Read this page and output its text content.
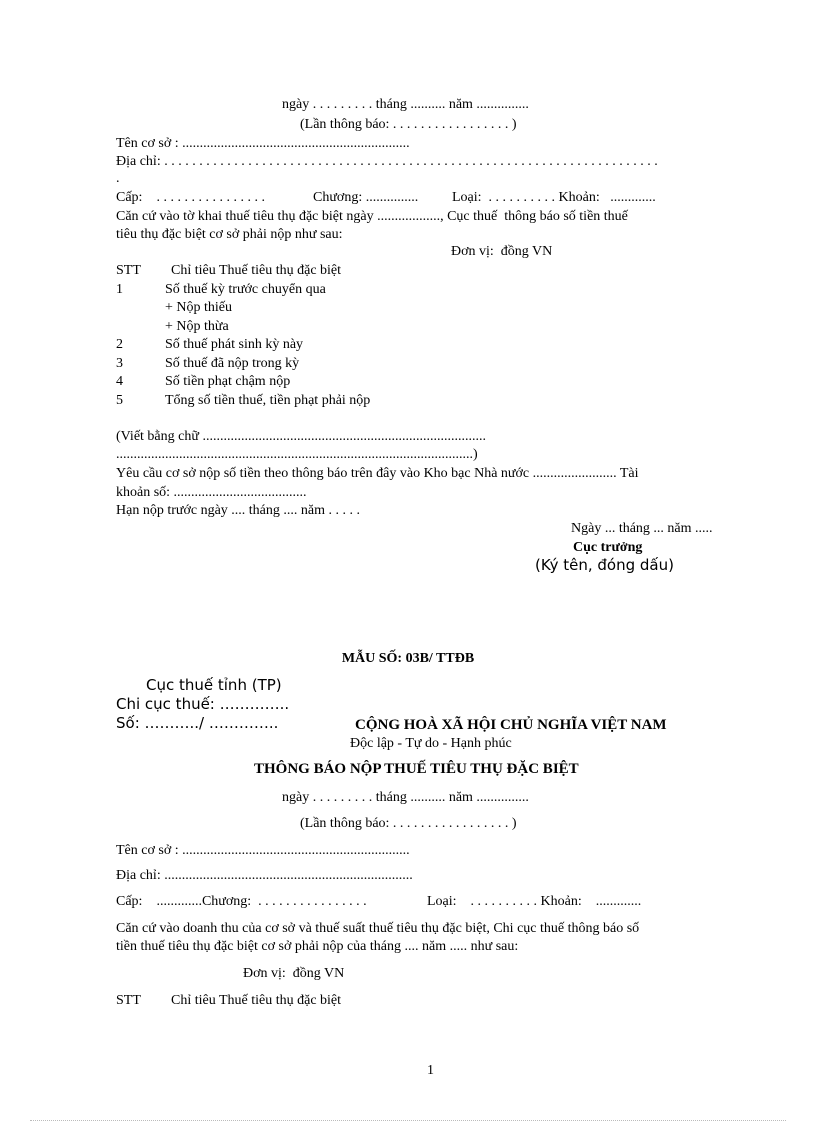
ngày . . . . . . . . . tháng .......... năm ...............
(Lần thông báo: . . . . . . . . . . . . . . . . . )
Tên cơ sở : .................................................................
Địa chỉ: . . . . . . . . . . . . . . . . . . . . . . . . . . . . . . . . . . . . . . . . . . . . . . . . . . . . . . . . . . . . . . . . . . . . . . .
.
Cấp:    . . . . . . . . . . . . . . . .	Chương: ............... Loại:  . . . . . . . . . . Khoản:   .............
Căn cứ vào tờ khai thuế tiêu thụ đặc biệt ngày .................., Cục thuế  thông báo số tiền thuế
tiêu thụ đặc biệt cơ sở phải nộp như sau:
Đơn vị:  đồng VN
STT Chỉ tiêu Thuế tiêu thụ đặc biệt
1	Số thuế kỳ trước chuyển qua
+ Nộp thiếu
+ Nộp thừa
2	Số thuế phát sinh kỳ này
3	Số thuế đã nộp trong kỳ
4	Số tiền phạt chậm nộp
5	Tổng số tiền thuế, tiền phạt phải nộp
(Viết bằng chữ .................................................................................
......................................................................................................)
Yêu cầu cơ sở nộp số tiền theo thông báo trên đây vào Kho bạc Nhà nước ........................ Tài
khoản số: ......................................
Hạn nộp trước ngày .... tháng .... năm . . . . .
Ngày ... tháng ... năm .....
Cục trưởng
(Ký tên, đóng dấu)
MẪU SỐ: 03B/ TTĐB
Cục thuế tỉnh (TP)
Chi cục thuế: …………..
Số: ………../ …………..	CỘNG HOÀ XÃ HỘI CHỦ NGHĨA VIỆT NAM
Độc lập - Tự do - Hạnh phúc
THÔNG BÁO NỘP THUẾ TIÊU THỤ ĐẶC BIỆT
ngày . . . . . . . . . tháng .......... năm ...............
(Lần thông báo: . . . . . . . . . . . . . . . . . )
Tên cơ sở : .................................................................
Địa chỉ: .......................................................................
Cấp:    .............Chương:  . . . . . . . . . . . . . . . .	Loại:    . . . . . . . . . . Khoản:    .............
Căn cứ vào doanh thu của cơ sở và thuế suất thuế tiêu thụ đặc biệt, Chi cục thuế thông báo số
tiền thuế tiêu thụ đặc biệt cơ sở phải nộp của tháng .... năm ..... như sau:
Đơn vị:  đồng VN
STT Chỉ tiêu Thuế tiêu thụ đặc biệt
1
